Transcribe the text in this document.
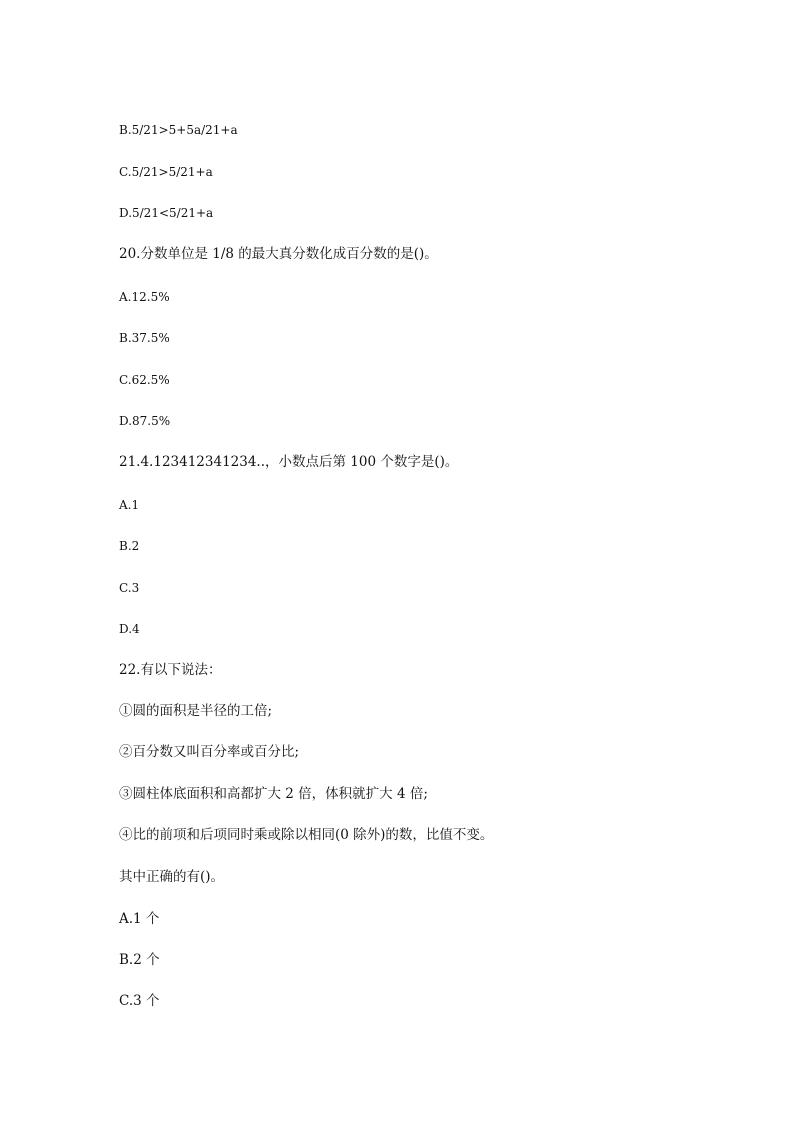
B.5/21>5+5a/21+a
C.5/21>5/21+a
D.5/21<5/21+a
20.分数单位是 1/8 的最大真分数化成百分数的是()。
A.12.5%
B.37.5%
C.62.5%
D.87.5%
21.4.123412341234..，小数点后第 100 个数字是()。
A.1
B.2
C.3
D.4
22.有以下说法：
①圆的面积是半径的工倍;
②百分数又叫百分率或百分比;
③圆柱体底面积和高都扩大 2 倍，体积就扩大 4 倍;
④比的前项和后项同时乘或除以相同(0 除外)的数，比值不变。
其中正确的有()。
A.1 个
B.2 个
C.3 个
